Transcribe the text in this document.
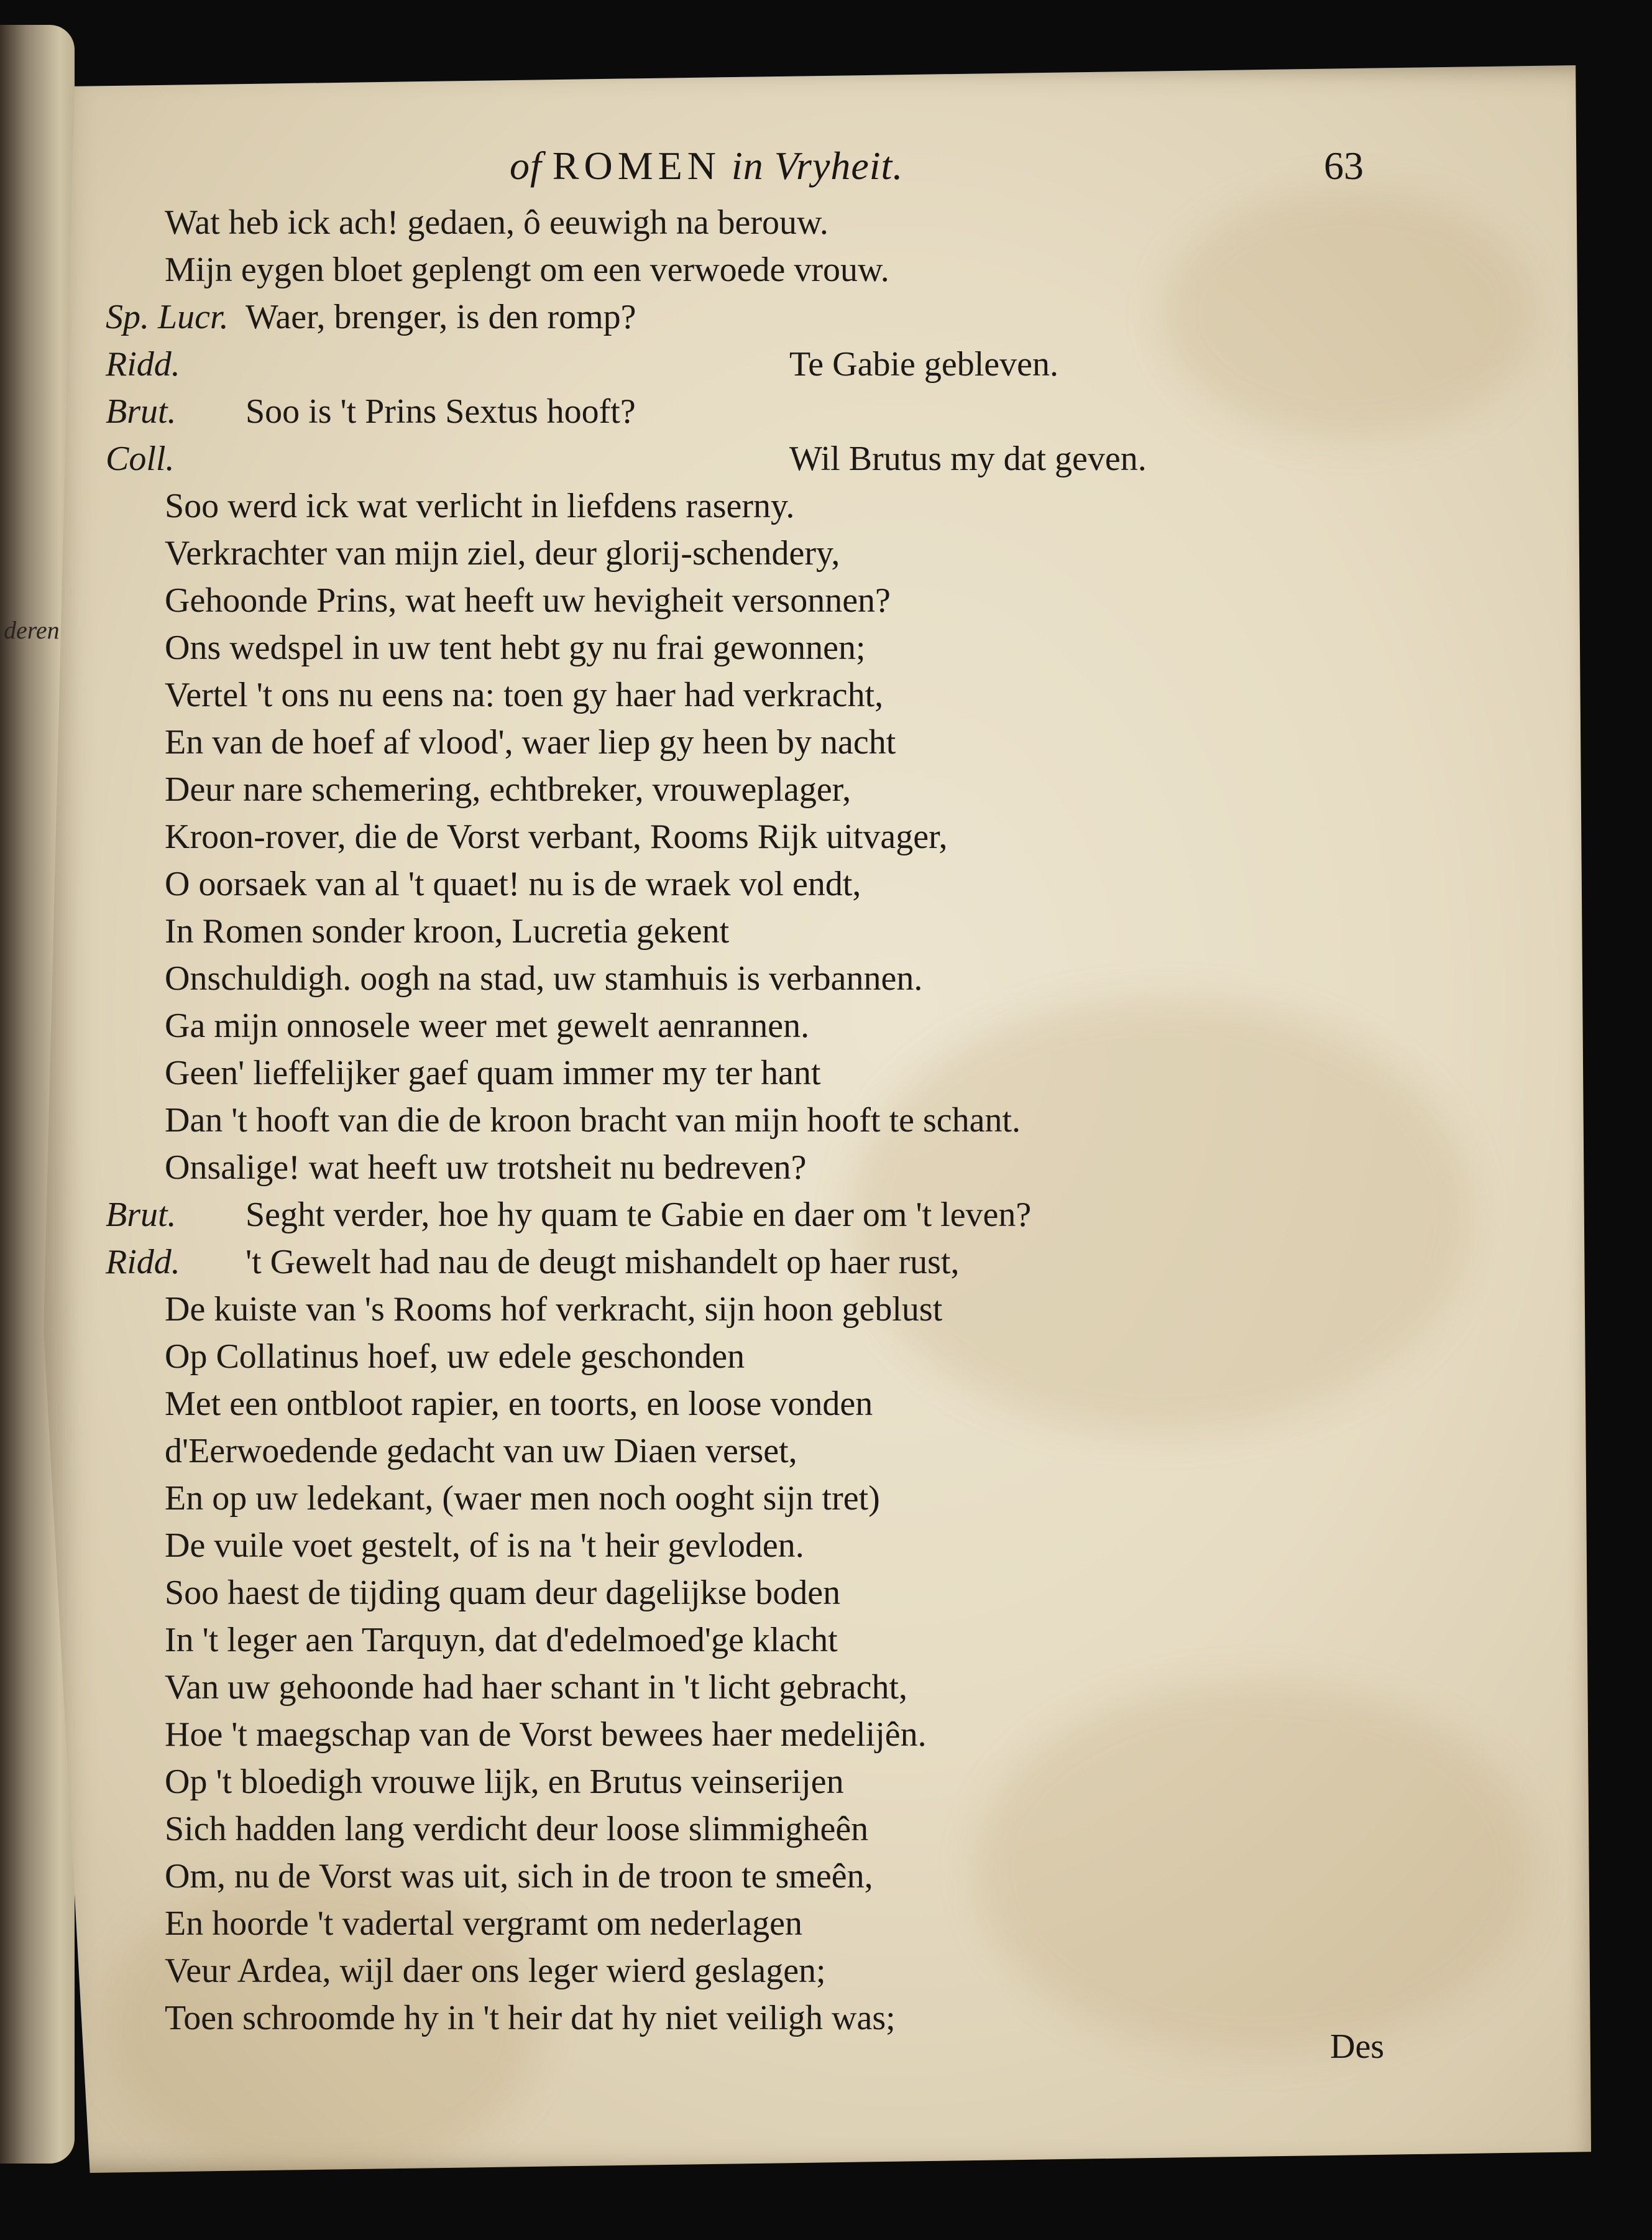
deren
of ROMEN in Vryheit.	63
Wat heb ick ach! gedaen, ô eeuwigh na berouw.
Mijn eygen bloet geplengt om een verwoede vrouw.
Sp. Lucr. Waer, brenger, is den romp?
Ridd.	Te Gabie gebleven.
Brut.	Soo is 't Prins Sextus hooft?
Coll.	Wil Brutus my dat geven.
Soo werd ick wat verlicht in liefdens raserny.
Verkrachter van mijn ziel, deur glorij-schendery,
Gehoonde Prins, wat heeft uw hevigheit versonnen?
Ons wedspel in uw tent hebt gy nu frai gewonnen;
Vertel 't ons nu eens na: toen gy haer had verkracht,
En van de hoef af vlood', waer liep gy heen by nacht
Deur nare schemering, echtbreker, vrouweplager,
Kroon-rover, die de Vorst verbant, Rooms Rijk uitvager,
O oorsaek van al 't quaet! nu is de wraek vol endt,
In Romen sonder kroon, Lucretia gekent
Onschuldigh. oogh na stad, uw stamhuis is verbannen.
Ga mijn onnosele weer met gewelt aenrannen.
Geen' lieffelijker gaef quam immer my ter hant
Dan 't hooft van die de kroon bracht van mijn hooft te schant.
Onsalige! wat heeft uw trotsheit nu bedreven?
Brut.	Seght verder, hoe hy quam te Gabie en daer om 't leven?
Ridd.	't Gewelt had nau de deugt mishandelt op haer rust,
De kuiste van 's Rooms hof verkracht, sijn hoon geblust
Op Collatinus hoef, uw edele geschonden
Met een ontbloot rapier, en toorts, en loose vonden
d'Eerwoedende gedacht van uw Diaen verset,
En op uw ledekant, (waer men noch ooght sijn tret)
De vuile voet gestelt, of is na 't heir gevloden.
Soo haest de tijding quam deur dagelijkse boden
In 't leger aen Tarquyn, dat d'edelmoed'ge klacht
Van uw gehoonde had haer schant in 't licht gebracht,
Hoe 't maegschap van de Vorst bewees haer medelijên.
Op 't bloedigh vrouwe lijk, en Brutus veinserijen
Sich hadden lang verdicht deur loose slimmigheên
Om, nu de Vorst was uit, sich in de troon te smeên,
En hoorde 't vadertal vergramt om nederlagen
Veur Ardea, wijl daer ons leger wierd geslagen;
Toen schroomde hy in 't heir dat hy niet veiligh was;
Des
